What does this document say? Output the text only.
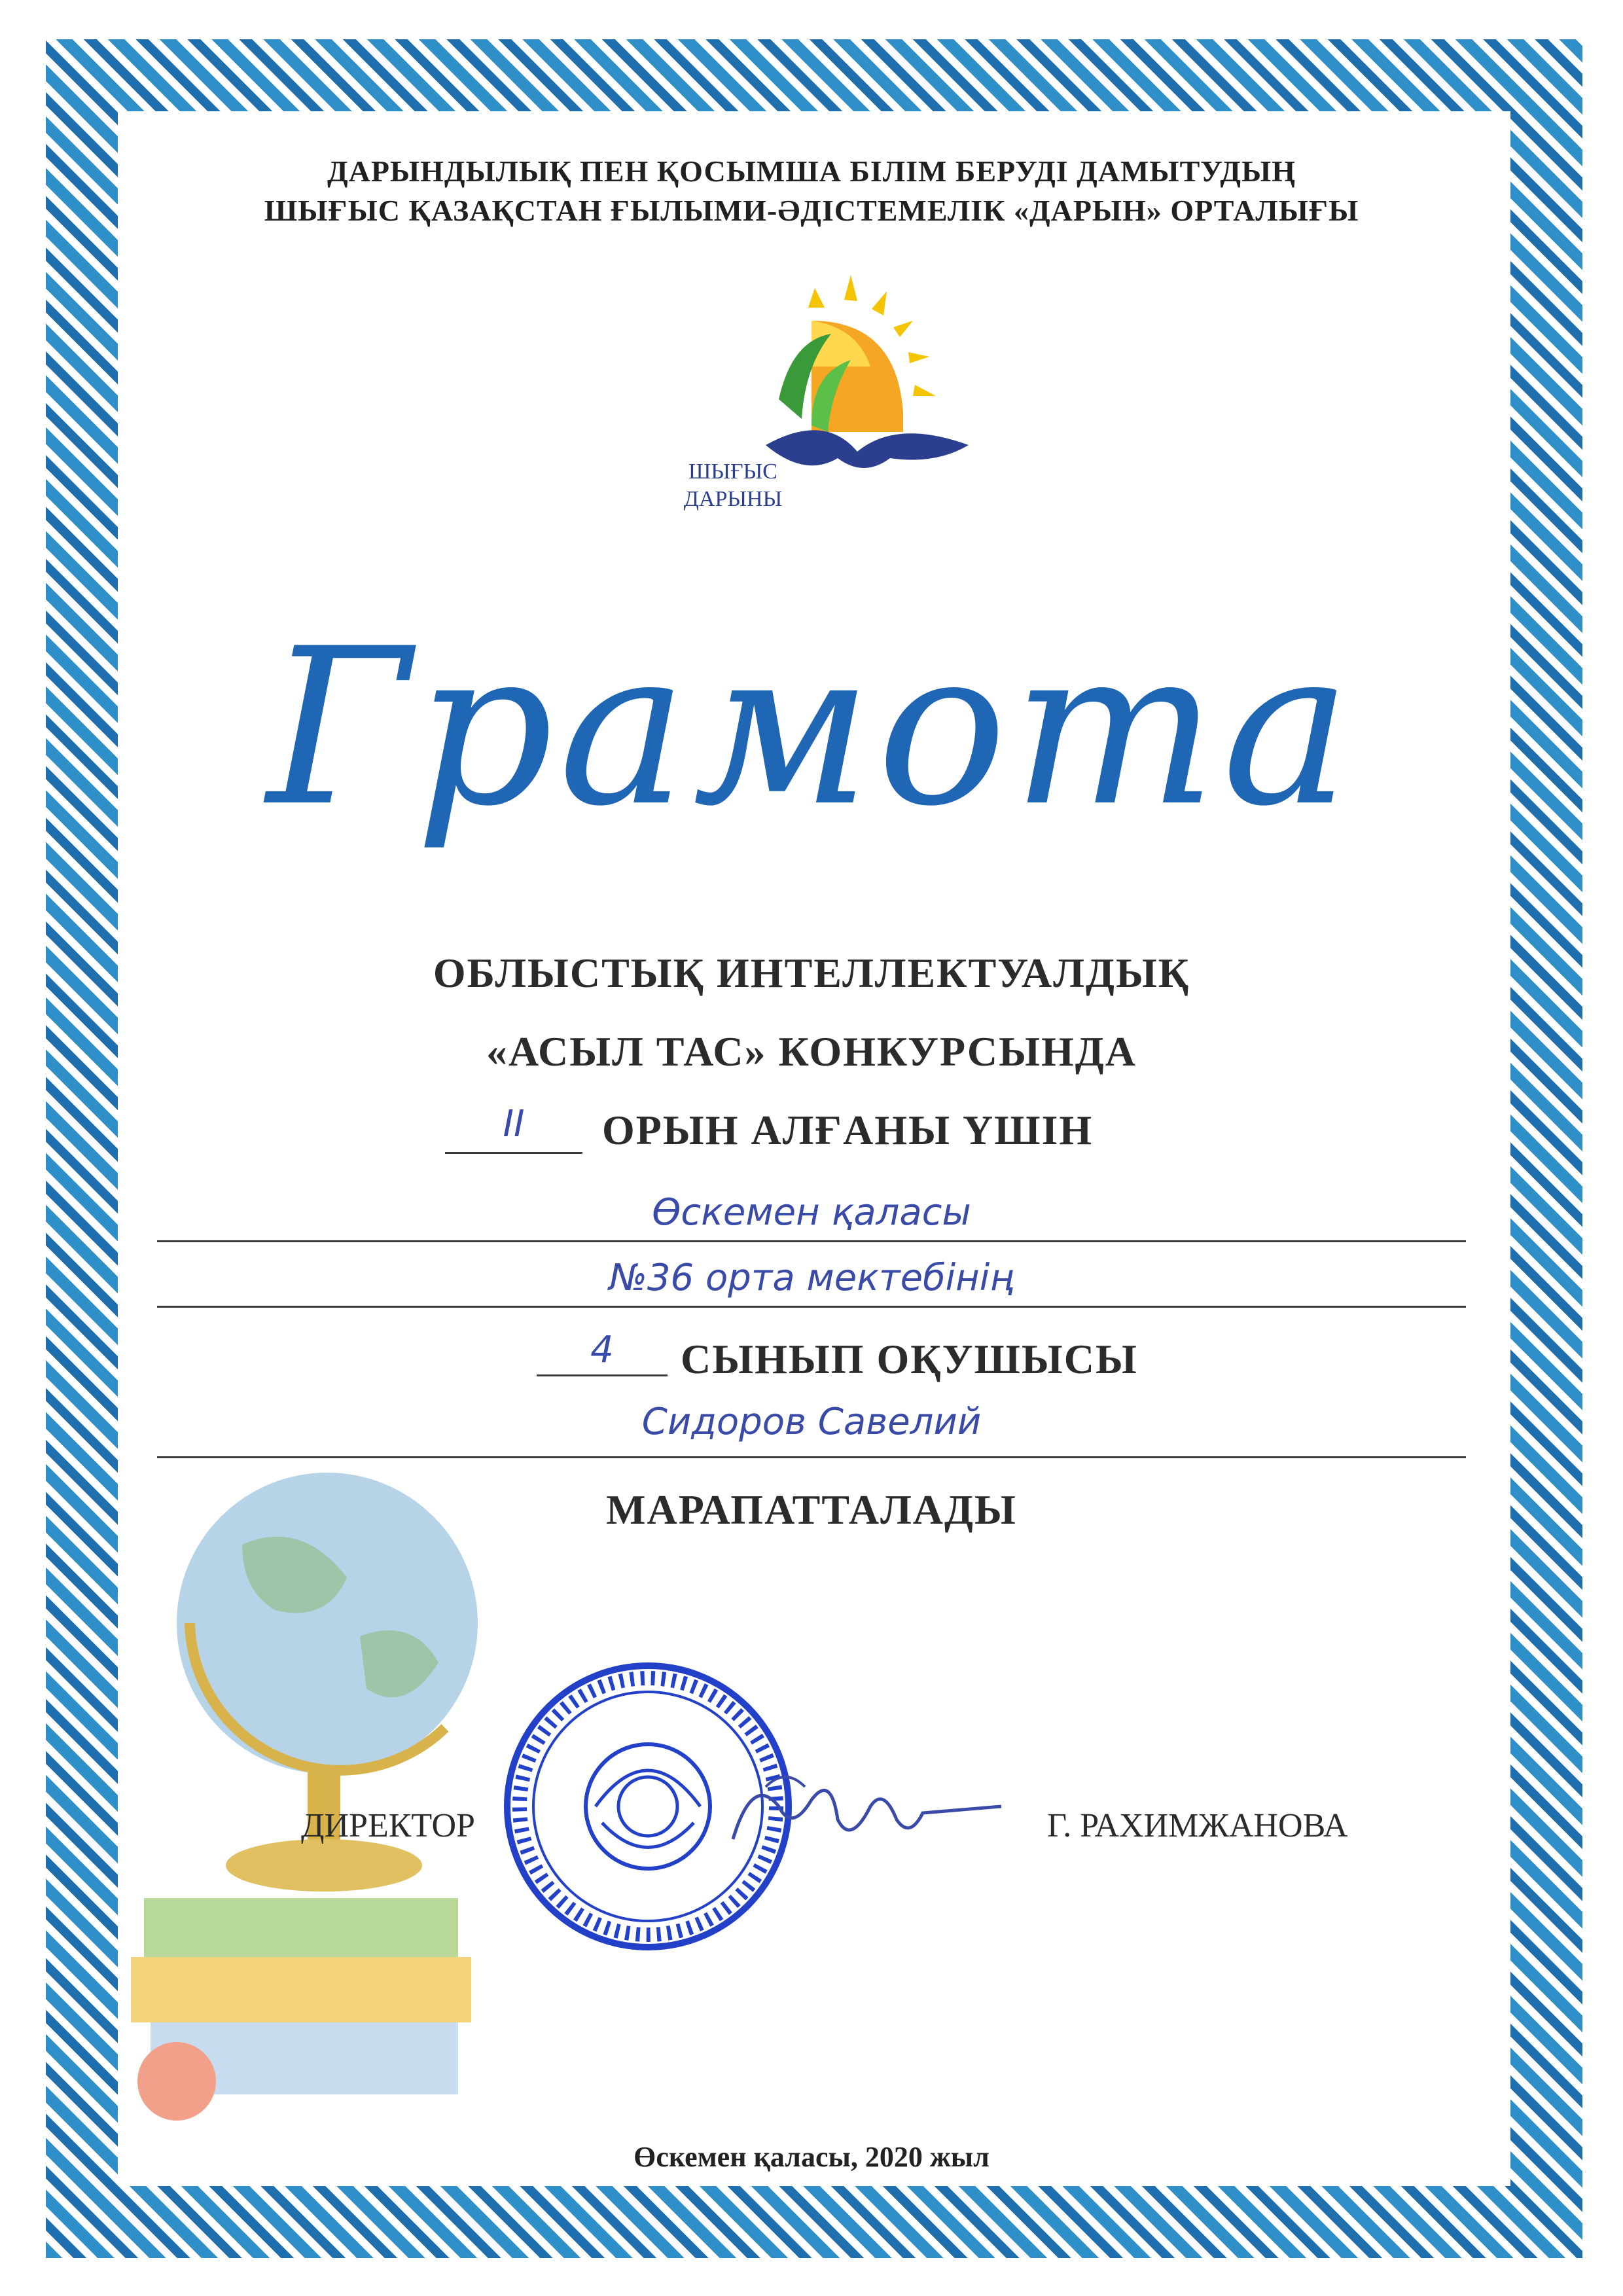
ДАРЫНДЫЛЫҚ ПЕН ҚОСЫМША БІЛІМ БЕРУДІ ДАМЫТУДЫҢ
ШЫҒЫС ҚАЗАҚСТАН ҒЫЛЫМИ-ӘДІСТЕМЕЛІК «ДАРЫН» ОРТАЛЫҒЫ
ШЫҒЫС
ДАРЫНЫ
Грамота
ОБЛЫСТЫҚ ИНТЕЛЛЕКТУАЛДЫҚ
«АСЫЛ ТАС» КОНКУРСЫНДА
II	ОРЫН АЛҒАНЫ ҮШІН
Өскемен қаласы
№36 орта мектебінің
4	СЫНЫП ОҚУШЫСЫ
Сидоров Савелий
МАРАПАТТАЛАДЫ
ДИРЕКТОР	Г. РАХИМЖАНОВА
Өскемен қаласы, 2020 жыл
